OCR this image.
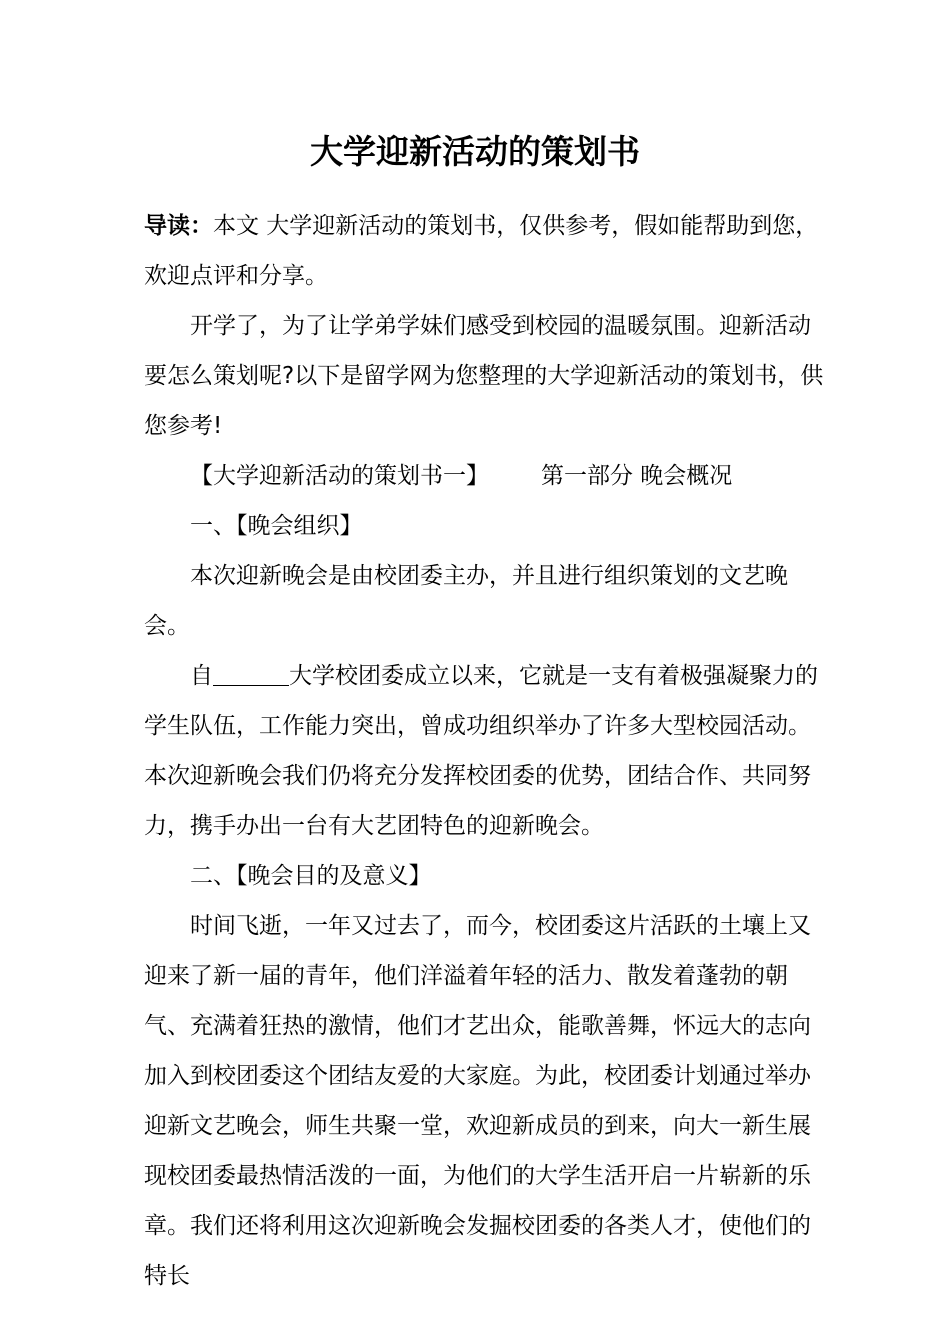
大学迎新活动的策划书

导读：本文 大学迎新活动的策划书，仅供参考，假如能帮助到您，欢迎点评和分享。

开学了，为了让学弟学妹们感受到校园的温暖氛围。迎新活动要怎么策划呢?以下是留学网为您整理的大学迎新活动的策划书，供您参考!

【大学迎新活动的策划书一】 第一部分 晚会概况

一、【晚会组织】

本次迎新晚会是由校团委主办，并且进行组织策划的文艺晚会。

自	大学校团委成立以来，它就是一支有着极强凝聚力的学生队伍，工作能力突出，曾成功组织举办了许多大型校园活动。本次迎新晚会我们仍将充分发挥校团委的优势，团结合作、共同努力，携手办出一台有大艺团特色的迎新晚会。

二、【晚会目的及意义】

时间飞逝，一年又过去了，而今，校团委这片活跃的土壤上又迎来了新一届的青年，他们洋溢着年轻的活力、散发着蓬勃的朝气、充满着狂热的激情，他们才艺出众，能歌善舞，怀远大的志向加入到校团委这个团结友爱的大家庭。为此，校团委计划通过举办迎新文艺晚会，师生共聚一堂，欢迎新成员的到来，向大一新生展现校团委最热情活泼的一面，为他们的大学生活开启一片崭新的乐章。我们还将利用这次迎新晚会发掘校团委的各类人才，使他们的特长
